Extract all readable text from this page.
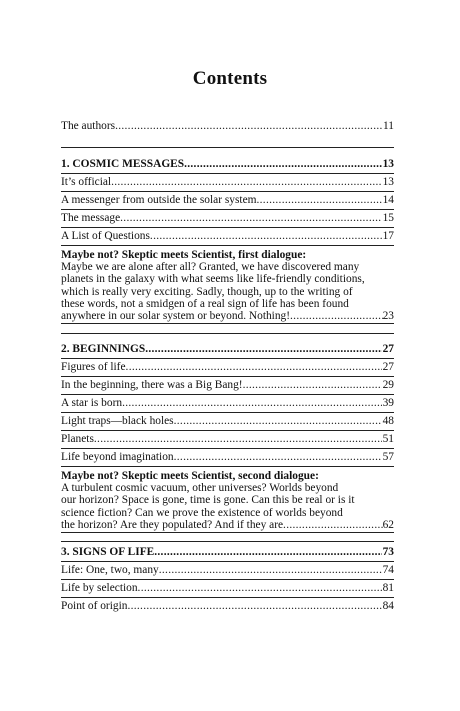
Contents
The authors .....	11
1. COSMIC MESSAGES .....	13
It’s official .....	13
A messenger from outside the solar system .....	14
The message .....	15
A List of Questions .....	17
Maybe not? Skeptic meets Scientist, first dialogue:
Maybe we are alone after all? Granted, we have discovered many
planets in the galaxy with what seems like life-friendly conditions,
which is really very exciting. Sadly, though, up to the writing of
these words, not a smidgen of a real sign of life has been found
anywhere in our solar system or beyond. Nothing! .....	23
2. BEGINNINGS .....	27
Figures of life .....	27
In the beginning, there was a Big Bang! .....	29
A star is born .....	39
Light traps—black holes .....	48
Planets .....	51
Life beyond imagination .....	57
Maybe not? Skeptic meets Scientist, second dialogue:
A turbulent cosmic vacuum, other universes? Worlds beyond
our horizon? Space is gone, time is gone. Can this be real or is it
science fiction? Can we prove the existence of worlds beyond
the horizon? Are they populated? And if they are .....	62
3. SIGNS OF LIFE .....	73
Life: One, two, many .....	74
Life by selection .....	81
Point of origin .....	84
